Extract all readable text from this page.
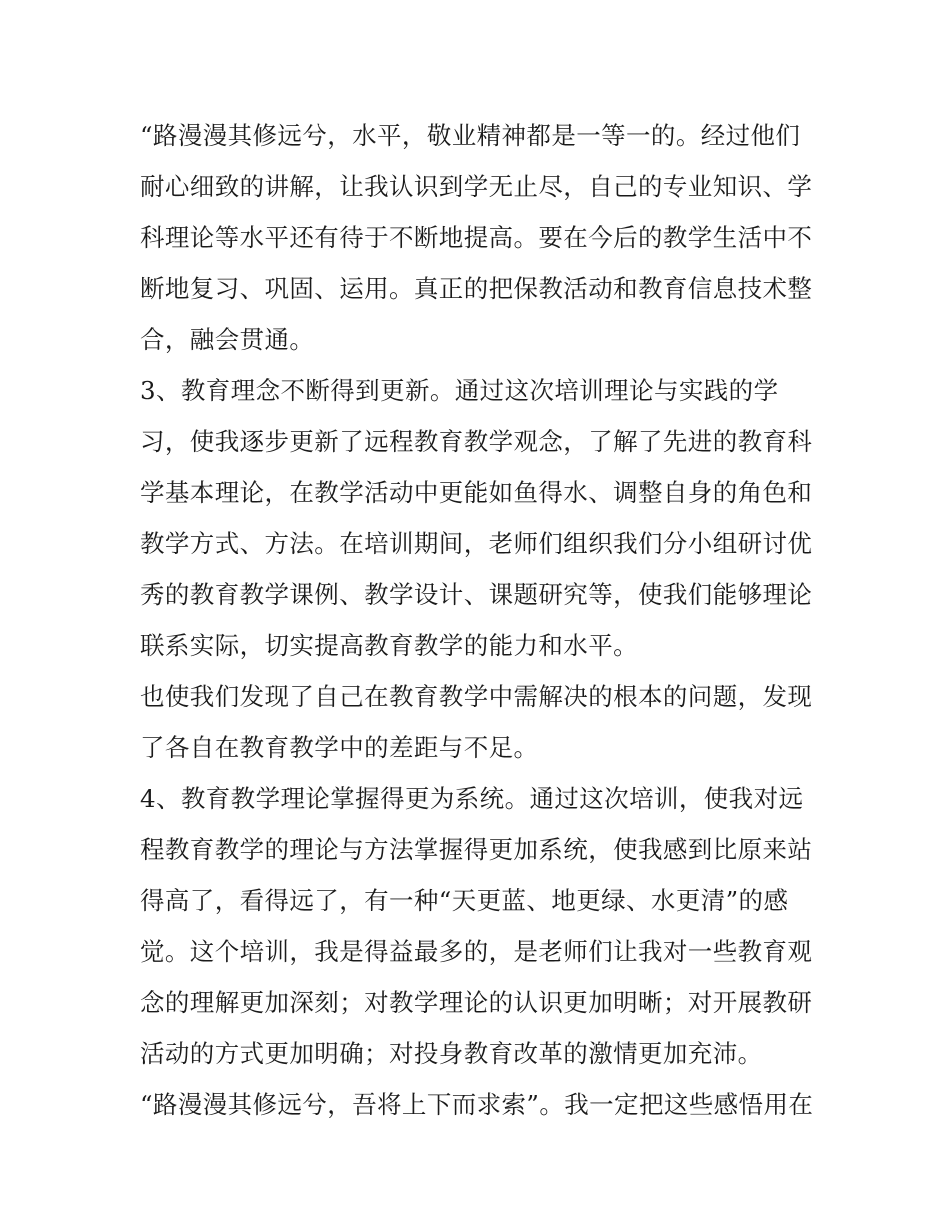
“路漫漫其修远兮，水平，敬业精神都是一等一的。经过他们
耐心细致的讲解，让我认识到学无止尽，自己的专业知识、学
科理论等水平还有待于不断地提高。要在今后的教学生活中不
断地复习、巩固、运用。真正的把保教活动和教育信息技术整
合，融会贯通。
3、教育理念不断得到更新。通过这次培训理论与实践的学
习，使我逐步更新了远程教育教学观念，了解了先进的教育科
学基本理论，在教学活动中更能如鱼得水、调整自身的角色和
教学方式、方法。在培训期间，老师们组织我们分小组研讨优
秀的教育教学课例、教学设计、课题研究等，使我们能够理论
联系实际，切实提高教育教学的能力和水平。
也使我们发现了自己在教育教学中需解决的根本的问题，发现
了各自在教育教学中的差距与不足。
4、教育教学理论掌握得更为系统。通过这次培训，使我对远
程教育教学的理论与方法掌握得更加系统，使我感到比原来站
得高了，看得远了，有一种“天更蓝、地更绿、水更清”的感
觉。这个培训，我是得益最多的，是老师们让我对一些教育观
念的理解更加深刻；对教学理论的认识更加明晰；对开展教研
活动的方式更加明确；对投身教育改革的激情更加充沛。
“路漫漫其修远兮，吾将上下而求索”。我一定把这些感悟用在
